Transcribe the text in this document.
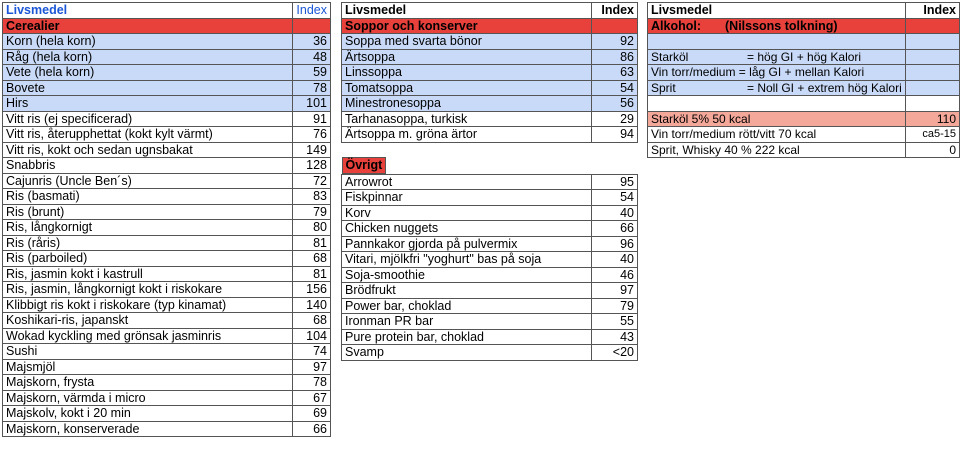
Livsmedel	Index
Cerealier	
Korn (hela korn)	36
Råg (hela korn)	48
Vete (hela korn)	59
Bovete	78
Hirs	101
Vitt ris (ej specificerad)	91
Vitt ris, återupphettat (kokt kylt värmt)	76
Vitt ris, kokt och sedan ugnsbakat	149
Snabbris	128
Cajunris (Uncle Ben´s)	72
Ris (basmati)	83
Ris (brunt)	79
Ris, långkornigt	80
Ris (råris)	81
Ris (parboiled)	68
Ris, jasmin kokt i kastrull	81
Ris, jasmin, långkornigt kokt i riskokare	156
Klibbigt ris kokt i riskokare (typ kinamat)	140
Koshikari-ris, japanskt	68
Wokad kyckling med grönsak jasminris	104
Sushi	74
Majsmjöl	97
Majskorn, frysta	78
Majskorn, värmda i micro	67
Majskolv, kokt i 20 min	69
Majskorn, konserverade	66
Livsmedel	Index
Soppor och konserver	
Soppa med svarta bönor	92
Ärtsoppa	86
Linssoppa	63
Tomatsoppa	54
Minestronesoppa	56
Tarhanasoppa, turkisk	29
Ärtsoppa m. gröna ärtor	94

Övrigt	
Arrowrot	95
Fiskpinnar	54
Korv	40
Chicken nuggets	66
Pannkakor gjorda på pulvermix	96
Vitari, mjölkfri "yoghurt" bas på soja	40
Soja-smoothie	46
Brödfrukt	97
Power bar, choklad	79
Ironman PR bar	55
Pure protein bar, choklad	43
Svamp	<20
Livsmedel	Index
Alkohol: (Nilssons tolkning)	

Starköl = hög GI + hög Kalori	
Vin torr/medium = låg GI + mellan Kalori	
Sprit = Noll GI + extrem hög Kalori	

Starköl 5% 50 kcal	110
Vin torr/medium rött/vitt 70 kcal	ca5-15
Sprit, Whisky 40 % 222 kcal	0
